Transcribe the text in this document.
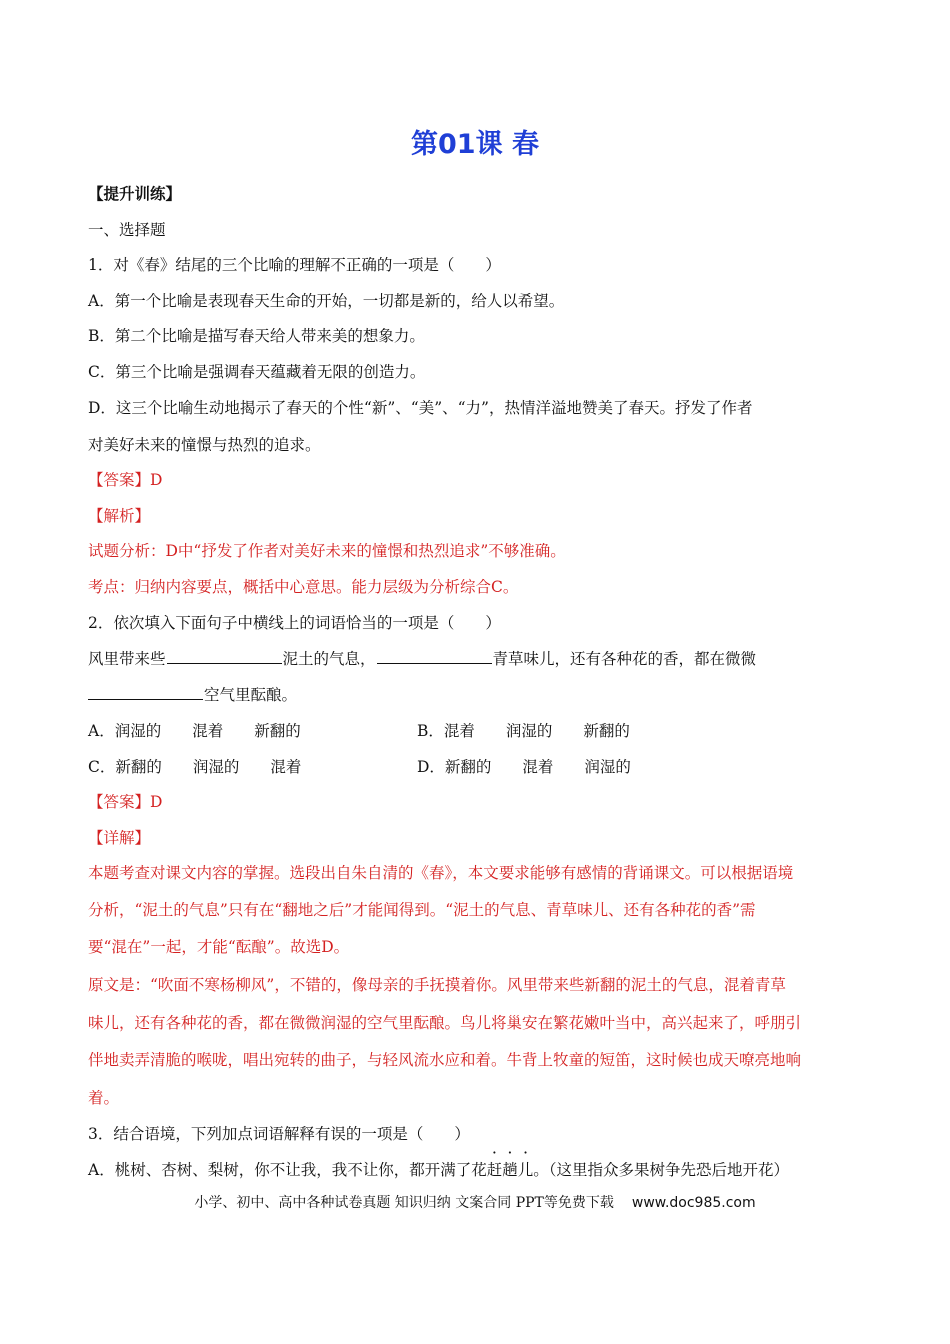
第01课 春
【提升训练】
一、选择题
1．对《春》结尾的三个比喻的理解不正确的一项是（　　）
A．第一个比喻是表现春天生命的开始，一切都是新的，给人以希望。
B．第二个比喻是描写春天给人带来美的想象力。
C．第三个比喻是强调春天蕴藏着无限的创造力。
D．这三个比喻生动地揭示了春天的个性“新”、“美”、“力”，热情洋溢地赞美了春天。抒发了作者
对美好未来的憧憬与热烈的追求。
【答案】D
【解析】
试题分析：D中“抒发了作者对美好未来的憧憬和热烈追求”不够准确。
考点：归纳内容要点，概括中心意思。能力层级为分析综合C。
2．依次填入下面句子中横线上的词语恰当的一项是（　　）
风里带来些	泥土的气息，	青草味儿，还有各种花的香，都在微微
空气里酝酿。
A．润湿的　　混着　　新翻的	B．混着　　润湿的　　新翻的
C．新翻的　　润湿的　　混着	D．新翻的　　混着　　润湿的
【答案】D
【详解】
本题考查对课文内容的掌握。选段出自朱自清的《春》，本文要求能够有感情的背诵课文。可以根据语境
分析，“泥土的气息”只有在“翻地之后”才能闻得到。“泥土的气息、青草味儿、还有各种花的香”需
要“混在”一起，才能“酝酿”。故选D。
原文是：“吹面不寒杨柳风”，不错的，像母亲的手抚摸着你。风里带来些新翻的泥土的气息，混着青草
味儿，还有各种花的香，都在微微润湿的空气里酝酿。鸟儿将巢安在繁花嫩叶当中，高兴起来了，呼朋引
伴地卖弄清脆的喉咙，唱出宛转的曲子，与轻风流水应和着。牛背上牧童的短笛，这时候也成天嘹亮地响
着。
3．结合语境，下列加点词语解释有误的一项是（　　）
A．桃树、杏树、梨树，你不让我，我不让你，都开满了花赶趟儿。（这里指众多果树争先恐后地开花）
小学、初中、高中各种试卷真题 知识归纳 文案合同 PPT等免费下载 www.doc985.com
